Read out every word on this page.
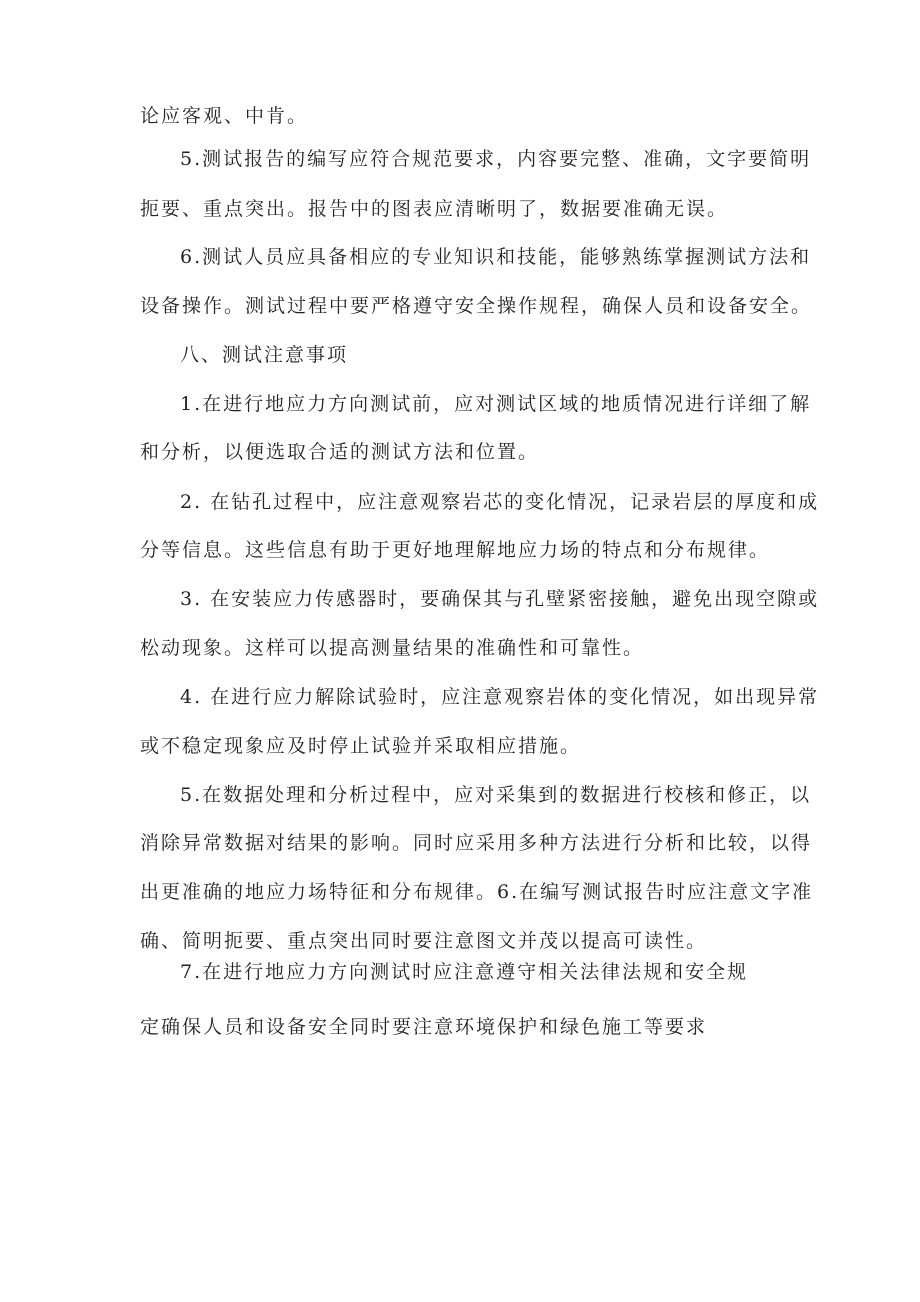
论应客观、中肯。
5.测试报告的编写应符合规范要求，内容要完整、准确，文字要简明
扼要、重点突出。报告中的图表应清晰明了，数据要准确无误。
6.测试人员应具备相应的专业知识和技能，能够熟练掌握测试方法和
设备操作。测试过程中要严格遵守安全操作规程，确保人员和设备安全。
八、测试注意事项
1.在进行地应力方向测试前，应对测试区域的地质情况进行详细了解
和分析，以便选取合适的测试方法和位置。
2. 在钻孔过程中，应注意观察岩芯的变化情况，记录岩层的厚度和成
分等信息。这些信息有助于更好地理解地应力场的特点和分布规律。
3. 在安装应力传感器时，要确保其与孔壁紧密接触，避免出现空隙或
松动现象。这样可以提高测量结果的准确性和可靠性。
4. 在进行应力解除试验时，应注意观察岩体的变化情况，如出现异常
或不稳定现象应及时停止试验并采取相应措施。
5.在数据处理和分析过程中，应对采集到的数据进行校核和修正，以
消除异常数据对结果的影响。同时应采用多种方法进行分析和比较，以得
出更准确的地应力场特征和分布规律。6.在编写测试报告时应注意文字准
确、简明扼要、重点突出同时要注意图文并茂以提高可读性。
7.在进行地应力方向测试时应注意遵守相关法律法规和安全规
定确保人员和设备安全同时要注意环境保护和绿色施工等要求
